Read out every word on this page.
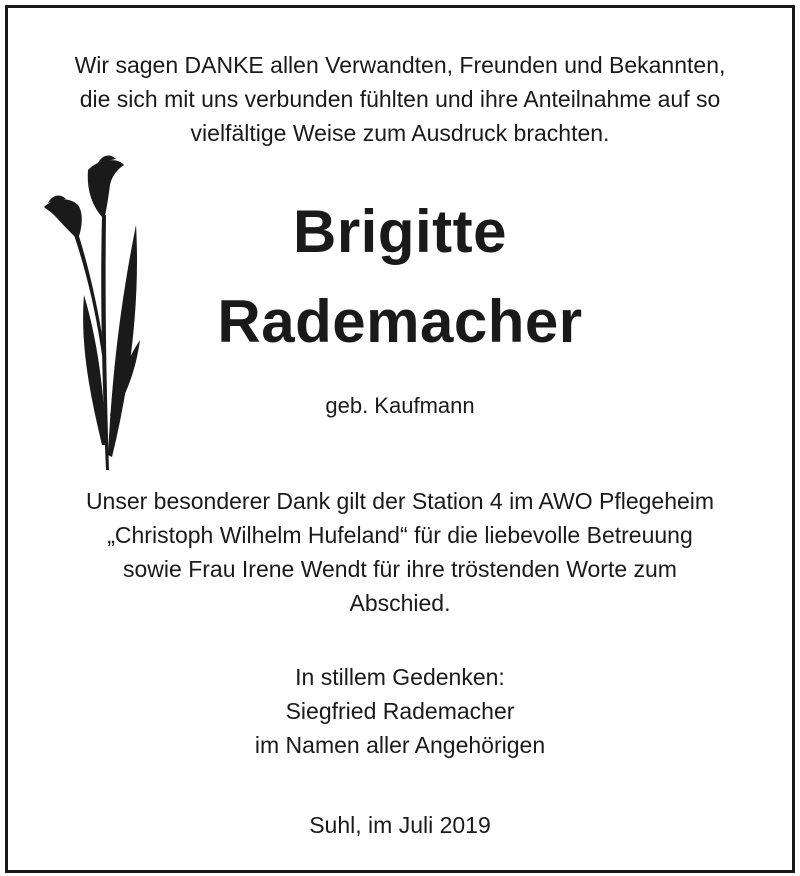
Wir sagen DANKE allen Verwandten, Freunden und Bekannten,
die sich mit uns verbunden fühlten und ihre Anteilnahme auf so
vielfältige Weise zum Ausdruck brachten.
Brigitte
Rademacher
geb. Kaufmann
Unser besonderer Dank gilt der Station 4 im AWO Pflegeheim
„Christoph Wilhelm Hufeland“ für die liebevolle Betreuung
sowie Frau Irene Wendt für ihre tröstenden Worte zum
Abschied.
In stillem Gedenken:
Siegfried Rademacher
im Namen aller Angehörigen
Suhl, im Juli 2019
